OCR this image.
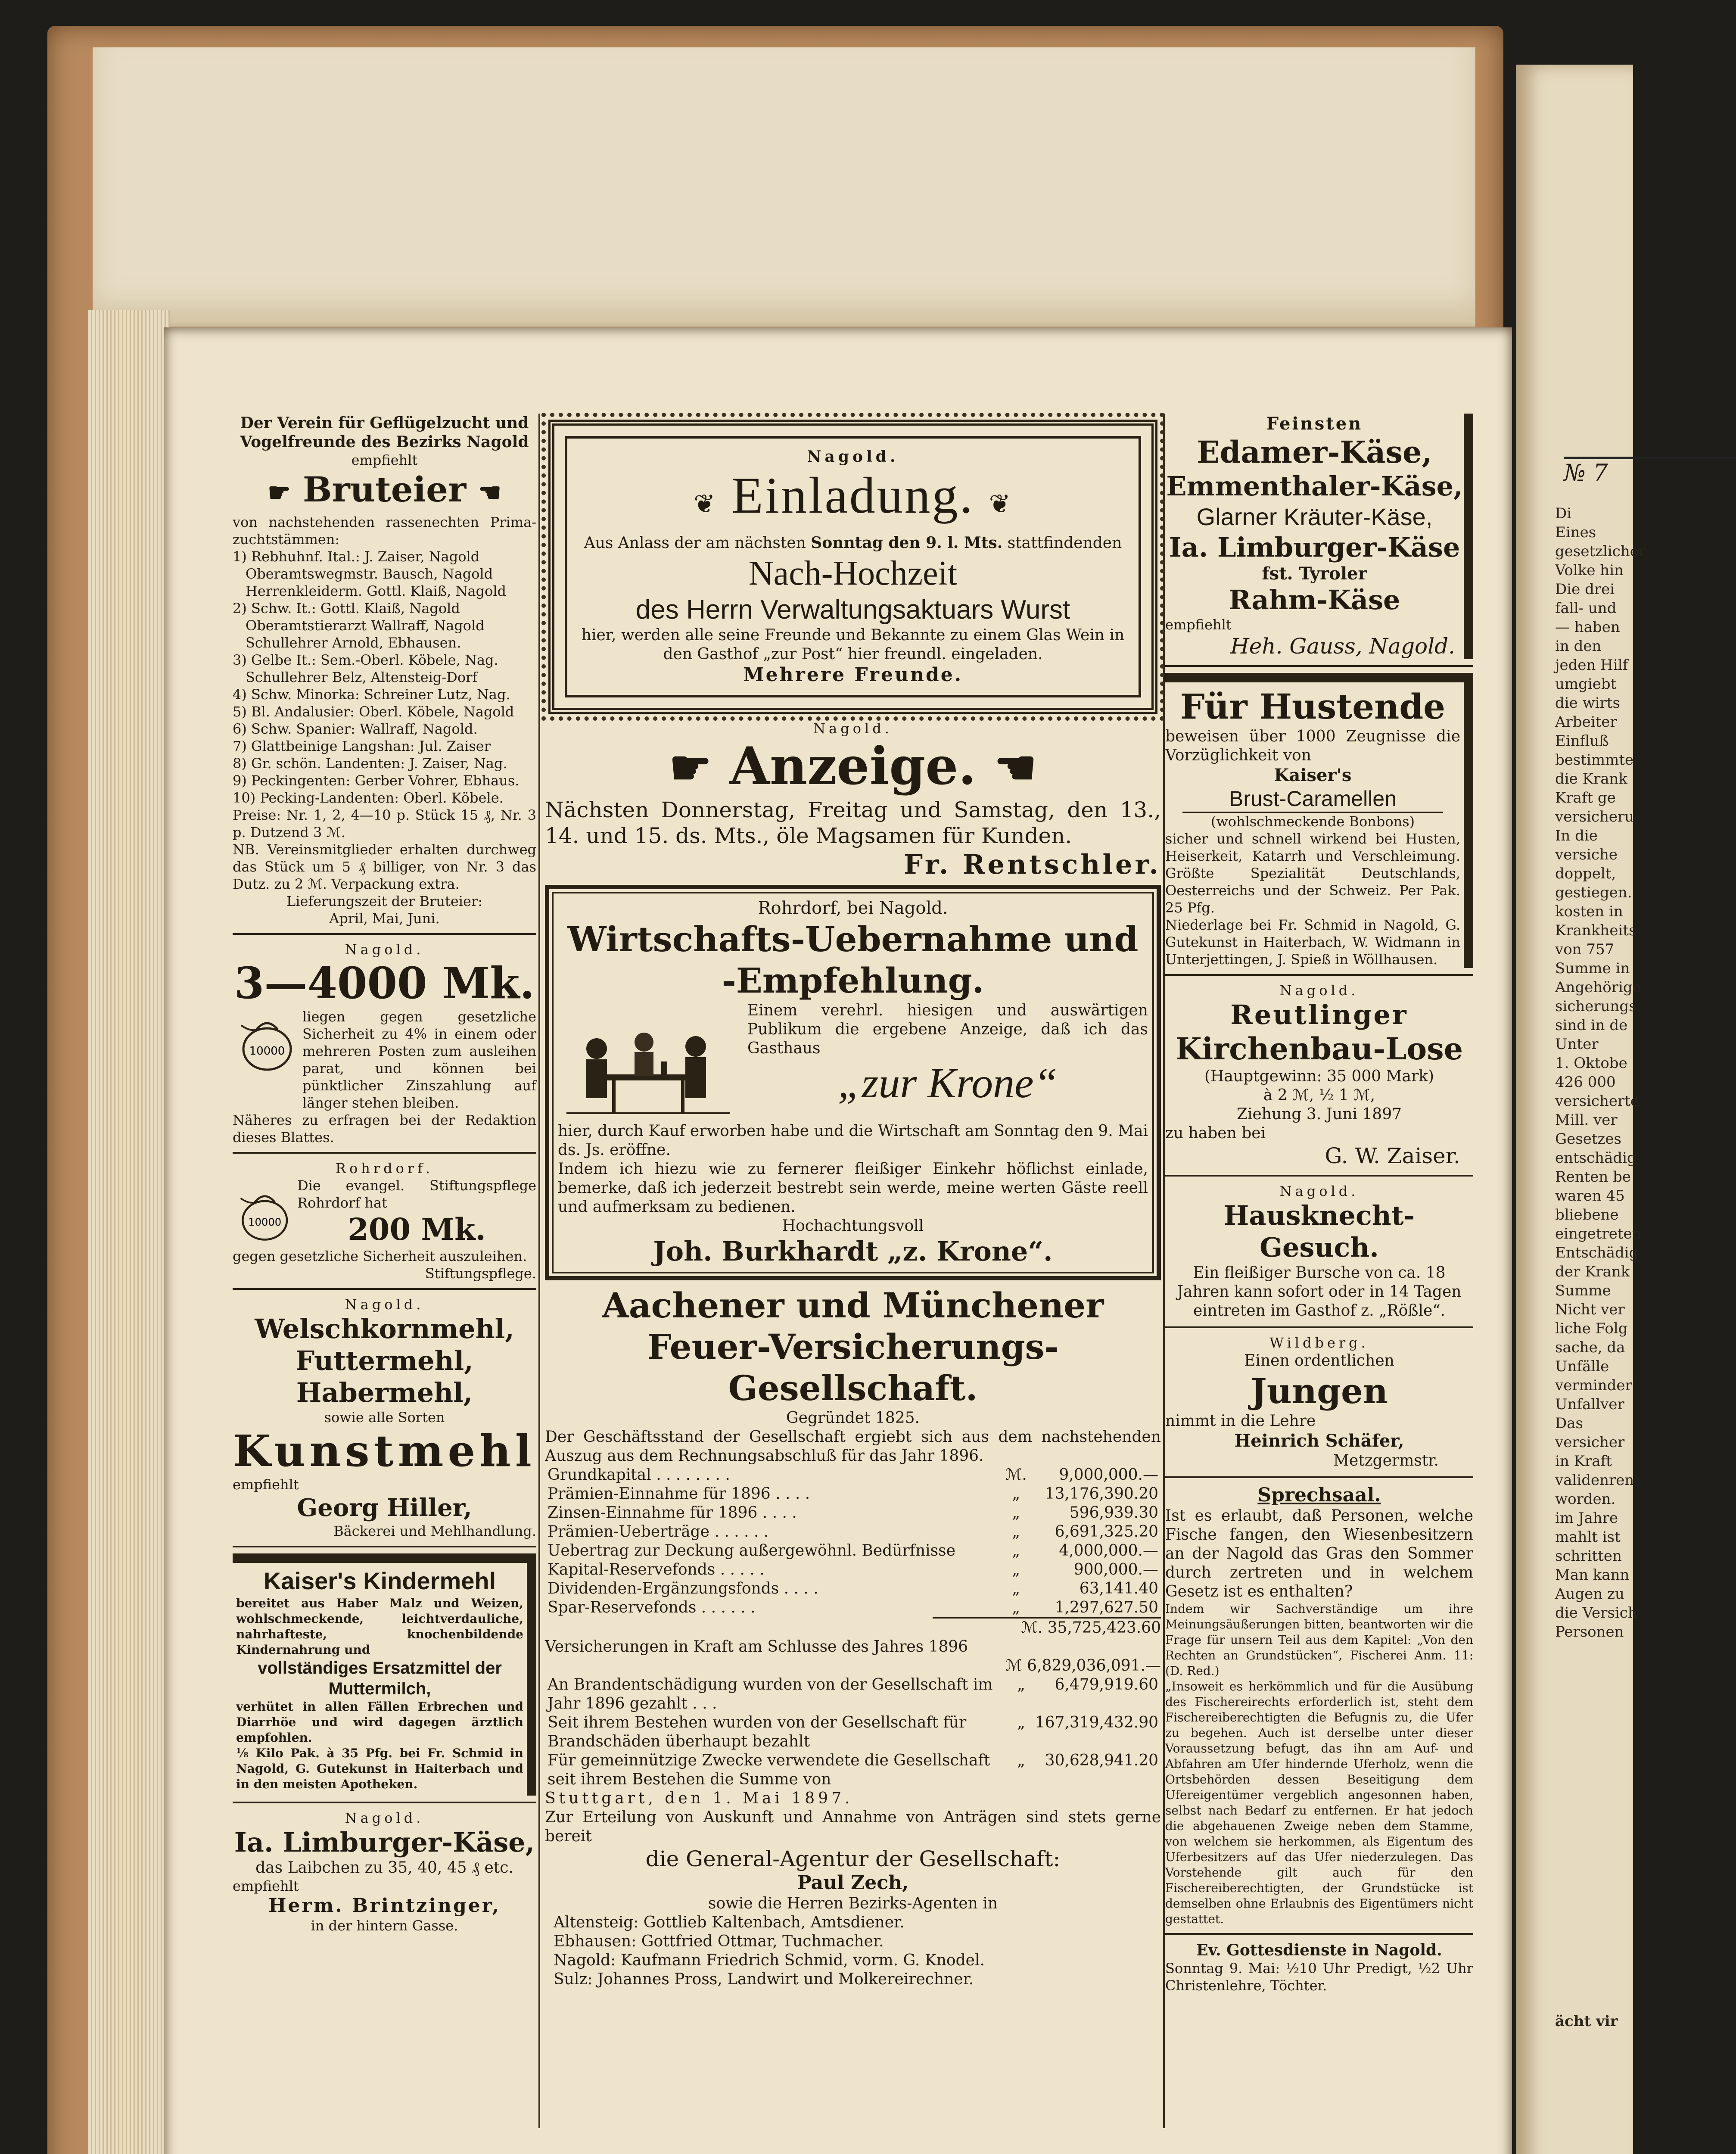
№ 7
Di
Eines
gesetzlicher
Volke hin
Die drei
fall- und
— haben
in den
jeden Hilf
umgiebt
die wirts
Arbeiter
Einfluß
bestimmte
die Krank
Kraft ge
versicheru
In die
versiche
doppelt,
gestiegen.
kosten in
Krankheits
von 757
Summe in
Angehörige
sicherungs
sind in de
Unter
1. Oktobe
426 000
versicherte
Mill. ver
Gesetzes
entschädig
Renten be
waren 45
bliebene
eingetreten
Entschädig
der Krank
Summe
Nicht ver
liche Folg
sache, da
Unfälle
verminder
Unfallver
Das
versicher
in Kraft
validenren
worden.
im Jahre
mahlt ist
schritten
Man kann
Augen zu
die Versich
Personen
ächt vir

Der Verein für Geflügelzucht und Vogelfreunde des Bezirks Nagold

empfiehlt

☛ Bruteier ☚

von nachstehenden rassenechten Prima-zuchtstämmen:

1) Rebhuhnf. Ital.: J. Zaiser, Nagold Oberamtswegmstr. Bausch, Nagold Herrenkleiderm. Gottl. Klaiß, Nagold

2) Schw. It.: Gottl. Klaiß, Nagold Oberamtstierarzt Wallraff, Nagold Schullehrer Arnold, Ebhausen.

3) Gelbe It.: Sem.-Oberl. Köbele, Nag. Schullehrer Belz, Altensteig-Dorf

4) Schw. Minorka: Schreiner Lutz, Nag.

5) Bl. Andalusier: Oberl. Köbele, Nagold

6) Schw. Spanier: Wallraff, Nagold.

7) Glattbeinige Langshan: Jul. Zaiser

8) Gr. schön. Landenten: J. Zaiser, Nag.

9) Peckingenten: Gerber Vohrer, Ebhaus.

10) Pecking-Landenten: Oberl. Köbele.

Preise: Nr. 1, 2, 4—10 p. Stück 15 ₰, Nr. 3 p. Dutzend 3 ℳ.

NB. Vereinsmitglieder erhalten durchweg das Stück um 5 ₰ billiger, von Nr. 3 das Dutz. zu 2 ℳ. Verpackung extra.

Lieferungszeit der Bruteier:

April, Mai, Juni.

Nagold.

3—4000 Mk.

10000

liegen gegen gesetzliche Sicherheit zu 4% in einem oder mehreren Posten zum ausleihen parat, und können bei pünktlicher Zinszahlung auf länger stehen bleiben.

Näheres zu erfragen bei der Redaktion dieses Blattes.

Rohrdorf.

10000

Die evangel. Stiftungspflege Rohrdorf hat

200 Mk.

gegen gesetzliche Sicherheit auszuleihen.

Stiftungspflege.

Nagold.

Welschkornmehl,

Futtermehl,

Habermehl,

sowie alle Sorten

Kunstmehl

empfiehlt

Georg Hiller,

Bäckerei und Mehlhandlung.

Kaiser's Kindermehl

bereitet aus Haber Malz und Weizen, wohlschmeckende, leichtverdauliche, nahrhafteste, knochenbildende Kindernahrung und

vollständiges Ersatzmittel der Muttermilch,

verhütet in allen Fällen Erbrechen und Diarrhöe und wird dagegen ärztlich empfohlen.

⅛ Kilo Pak. à 35 Pfg. bei Fr. Schmid in Nagold, G. Gutekunst in Haiterbach und in den meisten Apotheken.

Nagold.

Ia. Limburger-Käse,

das Laibchen zu 35, 40, 45 ₰ etc.

empfiehlt

Herm. Brintzinger,

in der hintern Gasse.

Nagold.

❦ Einladung. ❦

Aus Anlass der am nächsten Sonntag den 9. l. Mts. stattfindenden

Nach-Hochzeit

des Herrn Verwaltungsaktuars Wurst

hier, werden alle seine Freunde und Bekannte zu einem Glas Wein in den Gasthof „zur Post“ hier freundl. eingeladen.

Mehrere Freunde.

Nagold.

☛ Anzeige. ☚

Nächsten Donnerstag, Freitag und Samstag, den 13., 14. und 15. ds. Mts., öle Magsamen für Kunden.

Fr. Rentschler.

Rohrdorf, bei Nagold.

Wirtschafts-Uebernahme und

-Empfehlung.

Einem verehrl. hiesigen und auswärtigen Publikum die ergebene Anzeige, daß ich das Gasthaus

„zur Krone“

hier, durch Kauf erworben habe und die Wirtschaft am Sonntag den 9. Mai ds. Js. eröffne.

Indem ich hiezu wie zu fernerer fleißiger Einkehr höflichst einlade, bemerke, daß ich jederzeit bestrebt sein werde, meine werten Gäste reell und aufmerksam zu bedienen.

Hochachtungsvoll

Joh. Burkhardt „z. Krone“.

Aachener und Münchener

Feuer-Versicherungs-Gesellschaft.

Gegründet 1825.

Der Geschäftsstand der Gesellschaft ergiebt sich aus dem nachstehenden Auszug aus dem Rechnungsabschluß für das Jahr 1896.

Grundkapital . . . . . . . .	ℳ.	9,000,000.—
Prämien-Einnahme für 1896 . . . .	„	13,176,390.20
Zinsen-Einnahme für 1896 . . . .	„	596,939.30
Prämien-Ueberträge . . . . . .	„	6,691,325.20
Uebertrag zur Deckung außergewöhnl. Bedürfnisse	„	4,000,000.—
Kapital-Reservefonds . . . . .	„	900,000.—
Dividenden-Ergänzungsfonds . . . .	„	63,141.40
Spar-Reservefonds . . . . . .	„	1,297,627.50

ℳ. 35,725,423.60

Versicherungen in Kraft am Schlusse des Jahres 1896

ℳ 6,829,036,091.—

An Brandentschädigung wurden von der Gesellschaft im Jahr 1896 gezahlt . . .	„	6,479,919.60
Seit ihrem Bestehen wurden von der Gesellschaft für Brandschäden überhaupt bezahlt	„	167,319,432.90
Für gemeinnützige Zwecke verwendete die Gesellschaft seit ihrem Bestehen die Summe von	„	30,628,941.20

Stuttgart, den 1. Mai 1897.

Zur Erteilung von Auskunft und Annahme von Anträgen sind stets gerne bereit

die General-Agentur der Gesellschaft:

Paul Zech,

sowie die Herren Bezirks-Agenten in

Altensteig: Gottlieb Kaltenbach, Amtsdiener.

Ebhausen: Gottfried Ottmar, Tuchmacher.

Nagold: Kaufmann Friedrich Schmid, vorm. G. Knodel.

Sulz: Johannes Pross, Landwirt und Molkereirechner.

Feinsten

Edamer-Käse,

Emmenthaler-Käse,

Glarner Kräuter-Käse,

Ia. Limburger-Käse

fst. Tyroler

Rahm-Käse

empfiehlt

Heh. Gauss, Nagold.

Für Hustende

beweisen über 1000 Zeugnisse die Vorzüglichkeit von

Kaiser's

Brust-Caramellen

(wohlschmeckende Bonbons)

sicher und schnell wirkend bei Husten, Heiserkeit, Katarrh und Verschleimung. Größte Spezialität Deutschlands, Oesterreichs und der Schweiz. Per Pak. 25 Pfg.

Niederlage bei Fr. Schmid in Nagold, G. Gutekunst in Haiterbach, W. Widmann in Unterjettingen, J. Spieß in Wöllhausen.

Nagold.

Reutlinger

Kirchenbau-Lose

(Hauptgewinn: 35 000 Mark)

à 2 ℳ, ½ 1 ℳ,

Ziehung 3. Juni 1897

zu haben bei

G. W. Zaiser.

Nagold.

Hausknecht-Gesuch.

Ein fleißiger Bursche von ca. 18 Jahren kann sofort oder in 14 Tagen eintreten im Gasthof z. „Rößle“.

Wildberg.

Einen ordentlichen

Jungen

nimmt in die Lehre

Heinrich Schäfer,

Metzgermstr.

Sprechsaal.

Ist es erlaubt, daß Personen, welche Fische fangen, den Wiesenbesitzern an der Nagold das Gras den Sommer durch zertreten und in welchem Gesetz ist es enthalten?

Indem wir Sachverständige um ihre Meinungsäußerungen bitten, beantworten wir die Frage für unsern Teil aus dem Kapitel: „Von den Rechten an Grundstücken“, Fischerei Anm. 11: (D. Red.)

„Insoweit es herkömmlich und für die Ausübung des Fischereirechts erforderlich ist, steht dem Fischereiberechtigten die Befugnis zu, die Ufer zu begehen. Auch ist derselbe unter dieser Voraussetzung befugt, das ihn am Auf- und Abfahren am Ufer hindernde Uferholz, wenn die Ortsbehörden dessen Beseitigung dem Ufereigentümer vergeblich angesonnen haben, selbst nach Bedarf zu entfernen. Er hat jedoch die abgehauenen Zweige neben dem Stamme, von welchem sie herkommen, als Eigentum des Uferbesitzers auf das Ufer niederzulegen. Das Vorstehende gilt auch für den Fischereiberechtigten, der Grundstücke ist demselben ohne Erlaubnis des Eigentümers nicht gestattet.

Ev. Gottesdienste in Nagold.

Sonntag 9. Mai: ½10 Uhr Predigt, ½2 Uhr Christenlehre, Töchter.
